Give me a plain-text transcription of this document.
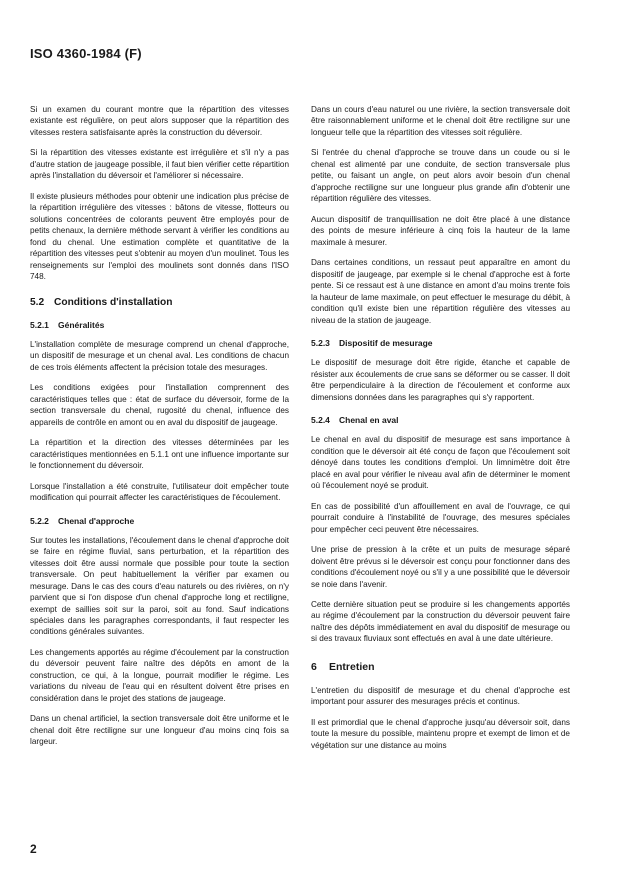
ISO 4360-1984 (F)

Si un examen du courant montre que la répartition des vitesses existante est régulière, on peut alors supposer que la répartition des vitesses restera satisfaisante après la construction du déversoir.

Si la répartition des vitesses existante est irrégulière et s'il n'y a pas d'autre station de jaugeage possible, il faut bien vérifier cette répartition après l'installation du déversoir et l'améliorer si nécessaire.

Il existe plusieurs méthodes pour obtenir une indication plus précise de la répartition irrégulière des vitesses : bâtons de vitesse, flotteurs ou solutions concentrées de colorants peuvent être employés pour de petits chenaux, la dernière méthode servant à vérifier les conditions au fond du chenal. Une estimation complète et quantitative de la répartition des vitesses peut s'obtenir au moyen d'un moulinet. Tous les renseignements sur l'emploi des moulinets sont donnés dans l'ISO 748.

5.2 Conditions d'installation
5.2.1 Généralités

L'installation complète de mesurage comprend un chenal d'approche, un dispositif de mesurage et un chenal aval. Les conditions de chacun de ces trois éléments affectent la précision totale des mesurages.

Les conditions exigées pour l'installation comprennent des caractéristiques telles que : état de surface du déversoir, forme de la section transversale du chenal, rugosité du chenal, influence des appareils de contrôle en amont ou en aval du dispositif de jaugeage.

La répartition et la direction des vitesses déterminées par les caractéristiques mentionnées en 5.1.1 ont une influence importante sur le fonctionnement du déversoir.

Lorsque l'installation a été construite, l'utilisateur doit empêcher toute modification qui pourrait affecter les caractéristiques de l'écoulement.

5.2.2 Chenal d'approche

Sur toutes les installations, l'écoulement dans le chenal d'approche doit se faire en régime fluvial, sans perturbation, et la répartition des vitesses doit être aussi normale que possible pour toute la section transversale. On peut habituellement la vérifier par examen ou mesurage. Dans le cas des cours d'eau naturels ou des rivières, on n'y parvient que si l'on dispose d'un chenal d'approche long et rectiligne, exempt de saillies soit sur la paroi, soit au fond. Sauf indications spéciales dans les paragraphes correspondants, il faut respecter les conditions générales suivantes.

Les changements apportés au régime d'écoulement par la construction du déversoir peuvent faire naître des dépôts en amont de la construction, ce qui, à la longue, pourrait modifier le régime. Les variations du niveau de l'eau qui en résultent doivent être prises en considération dans le projet des stations de jaugeage.

Dans un chenal artificiel, la section transversale doit être uniforme et le chenal doit être rectiligne sur une longueur d'au moins cinq fois sa largeur.

Dans un cours d'eau naturel ou une rivière, la section transversale doit être raisonnablement uniforme et le chenal doit être rectiligne sur une longueur telle que la répartition des vitesses soit régulière.

Si l'entrée du chenal d'approche se trouve dans un coude ou si le chenal est alimenté par une conduite, de section transversale plus petite, ou faisant un angle, on peut alors avoir besoin d'un chenal d'approche rectiligne sur une longueur plus grande afin d'obtenir une répartition régulière des vitesses.

Aucun dispositif de tranquillisation ne doit être placé à une distance des points de mesure inférieure à cinq fois la hauteur de la lame maximale à mesurer.

Dans certaines conditions, un ressaut peut apparaître en amont du dispositif de jaugeage, par exemple si le chenal d'approche est à forte pente. Si ce ressaut est à une distance en amont d'au moins trente fois la hauteur de lame maximale, on peut effectuer le mesurage du débit, à condition qu'il existe bien une répartition régulière des vitesses au niveau de la station de jaugeage.

5.2.3 Dispositif de mesurage

Le dispositif de mesurage doit être rigide, étanche et capable de résister aux écoulements de crue sans se déformer ou se casser. Il doit être perpendiculaire à la direction de l'écoulement et conforme aux dimensions données dans les paragraphes qui s'y rapportent.

5.2.4 Chenal en aval

Le chenal en aval du dispositif de mesurage est sans importance à condition que le déversoir ait été conçu de façon que l'écoulement soit dénoyé dans toutes les conditions d'emploi. Un limnimètre doit être placé en aval pour vérifier le niveau aval afin de déterminer le moment où l'écoulement noyé se produit.

En cas de possibilité d'un affouillement en aval de l'ouvrage, ce qui pourrait conduire à l'instabilité de l'ouvrage, des mesures spéciales pour empêcher ceci peuvent être nécessaires.

Une prise de pression à la crête et un puits de mesurage séparé doivent être prévus si le déversoir est conçu pour fonctionner dans des conditions d'écoulement noyé ou s'il y a une possibilité que le déversoir se noie dans l'avenir.

Cette dernière situation peut se produire si les changements apportés au régime d'écoulement par la construction du déversoir peuvent faire naître des dépôts immédiatement en aval du dispositif de mesurage ou si des travaux fluviaux sont effectués en aval à une date ultérieure.

6 Entretien

L'entretien du dispositif de mesurage et du chenal d'approche est important pour assurer des mesurages précis et continus.

Il est primordial que le chenal d'approche jusqu'au déversoir soit, dans toute la mesure du possible, maintenu propre et exempt de limon et de végétation sur une distance au moins

2
